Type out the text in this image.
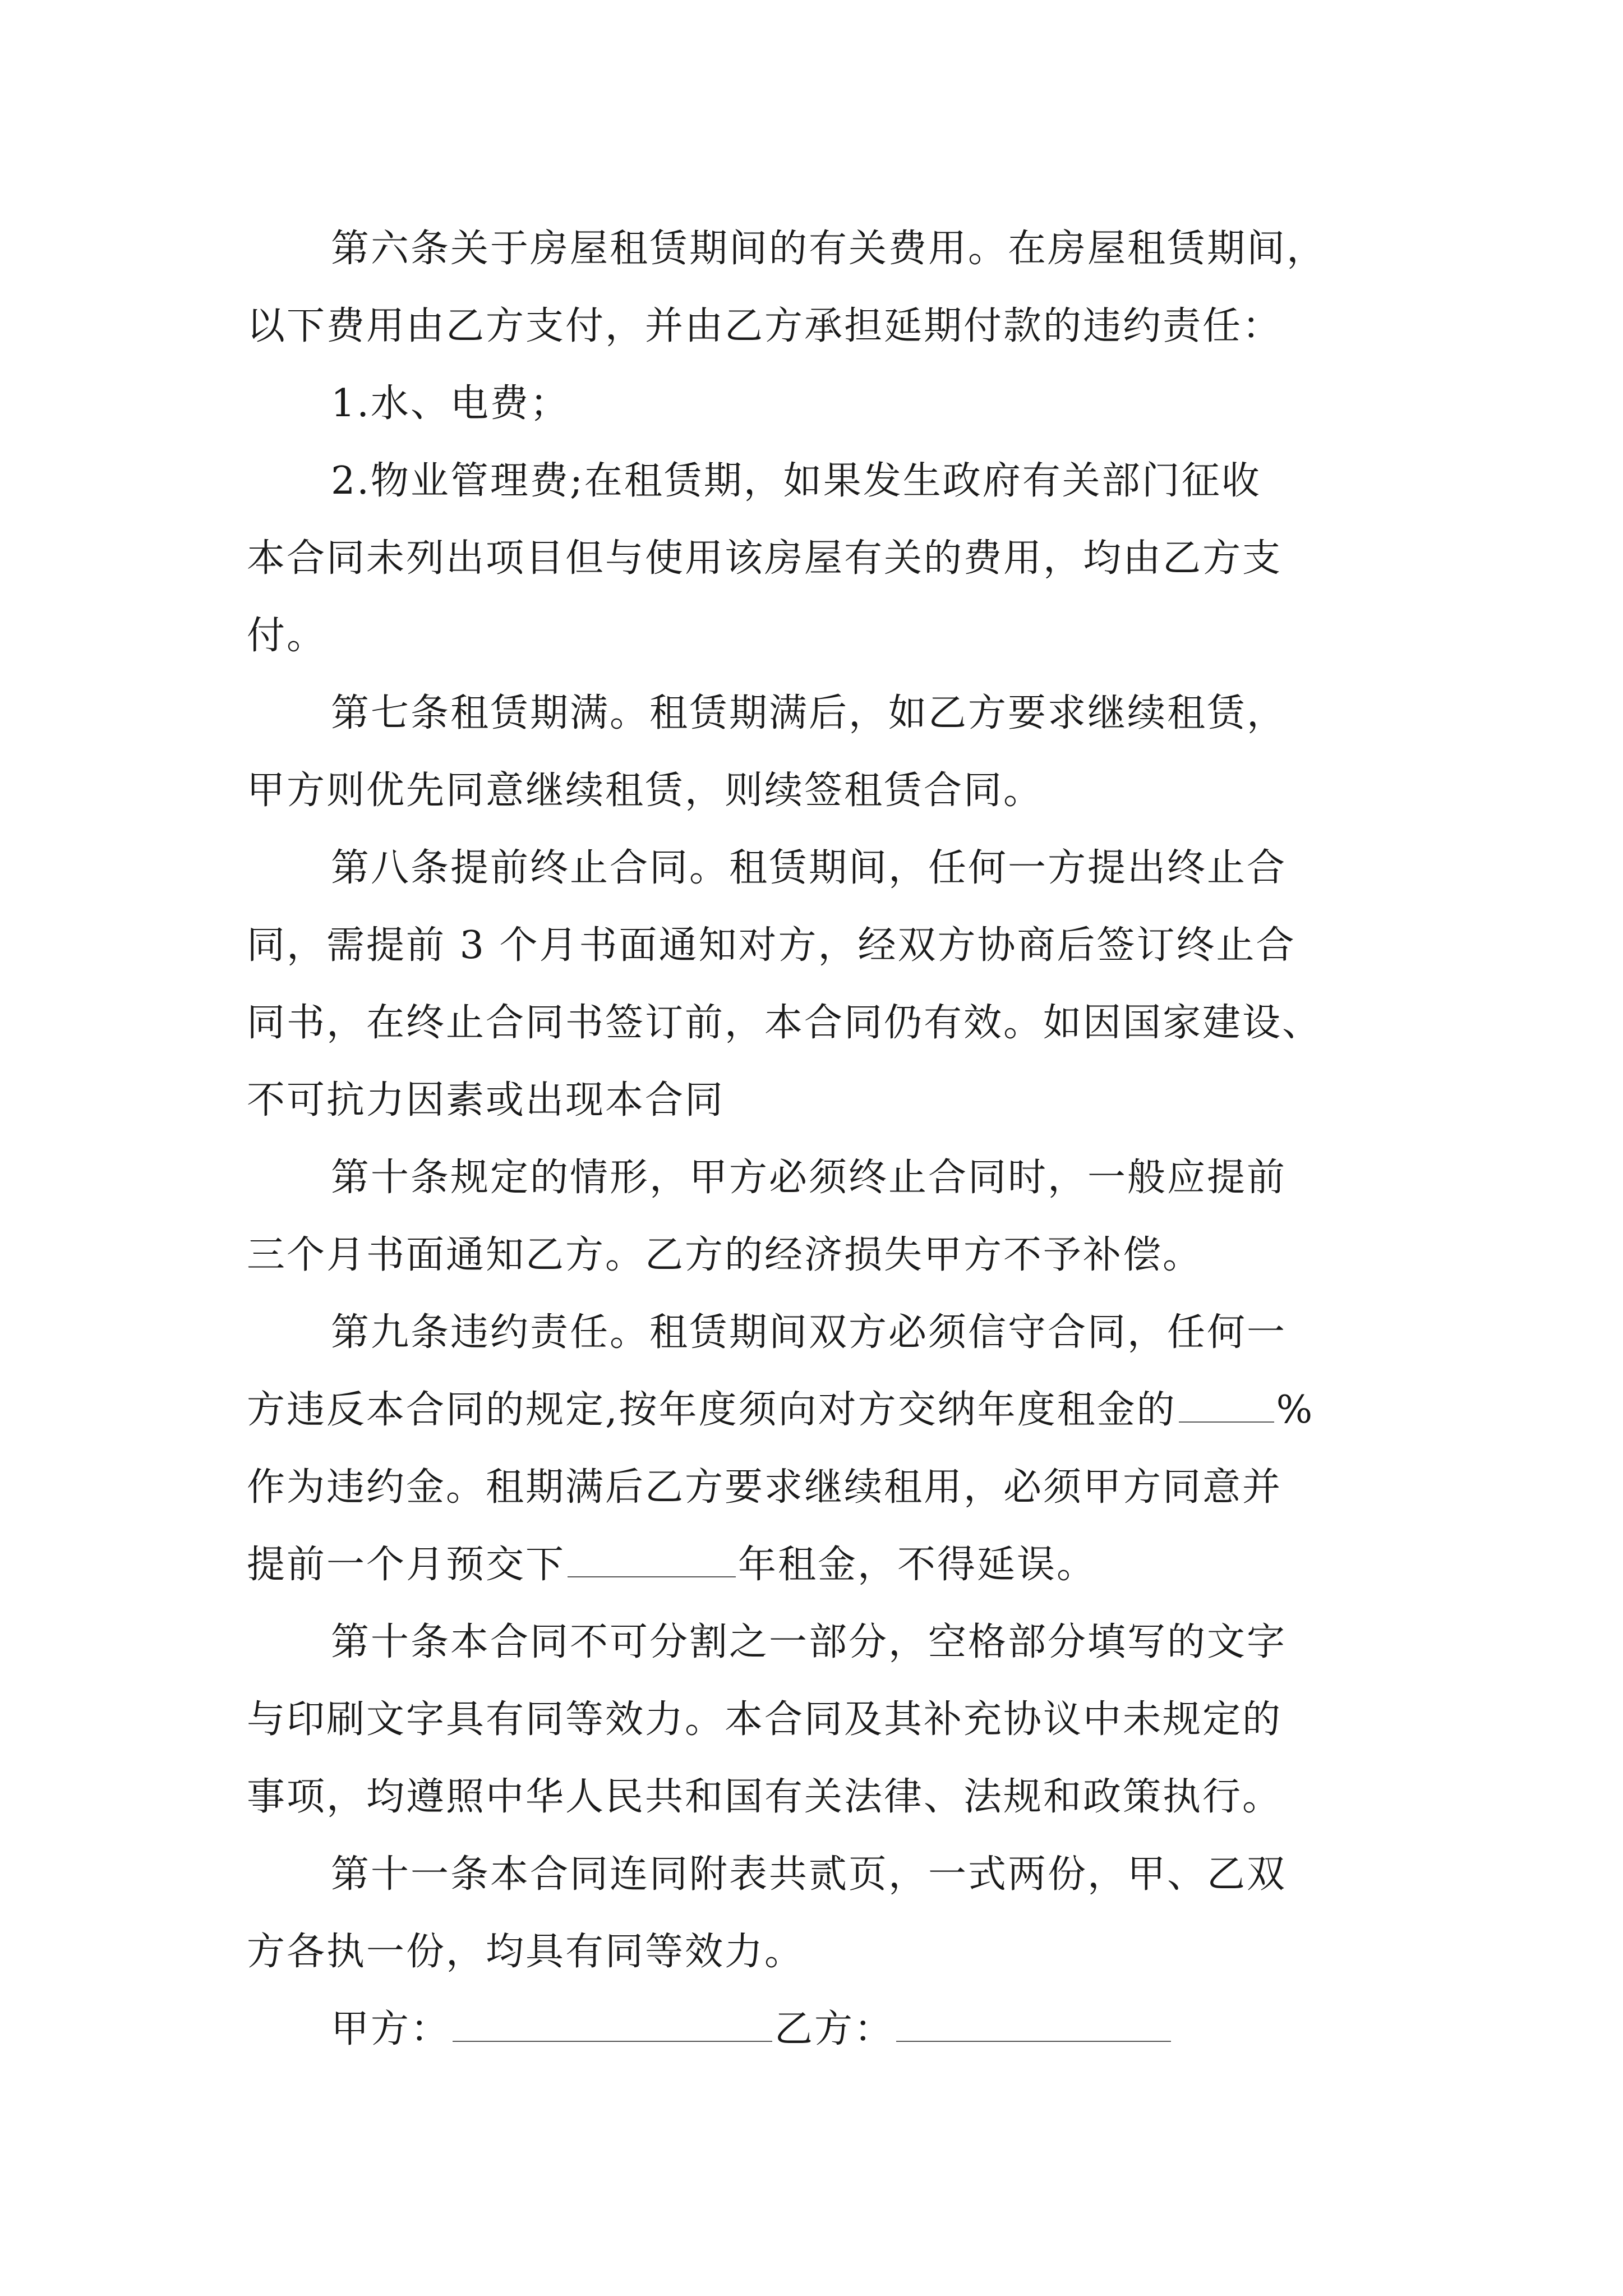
第六条关于房屋租赁期间的有关费用。在房屋租赁期间，
以下费用由乙方支付，并由乙方承担延期付款的违约责任：
1.水、电费；
2.物业管理费;在租赁期，如果发生政府有关部门征收
本合同未列出项目但与使用该房屋有关的费用，均由乙方支
付。
第七条租赁期满。租赁期满后，如乙方要求继续租赁，
甲方则优先同意继续租赁，则续签租赁合同。
第八条提前终止合同。租赁期间，任何一方提出终止合
同，需提前 3 个月书面通知对方，经双方协商后签订终止合
同书，在终止合同书签订前，本合同仍有效。如因国家建设、
不可抗力因素或出现本合同
第十条规定的情形，甲方必须终止合同时，一般应提前
三个月书面通知乙方。乙方的经济损失甲方不予补偿。
第九条违约责任。租赁期间双方必须信守合同，任何一
方违反本合同的规定,按年度须向对方交纳年度租金的	%
作为违约金。租期满后乙方要求继续租用，必须甲方同意并
提前一个月预交下	年租金，不得延误。
第十条本合同不可分割之一部分，空格部分填写的文字
与印刷文字具有同等效力。本合同及其补充协议中未规定的
事项，均遵照中华人民共和国有关法律、法规和政策执行。
第十一条本合同连同附表共贰页，一式两份，甲、乙双
方各执一份，均具有同等效力。
甲方：	乙方：
